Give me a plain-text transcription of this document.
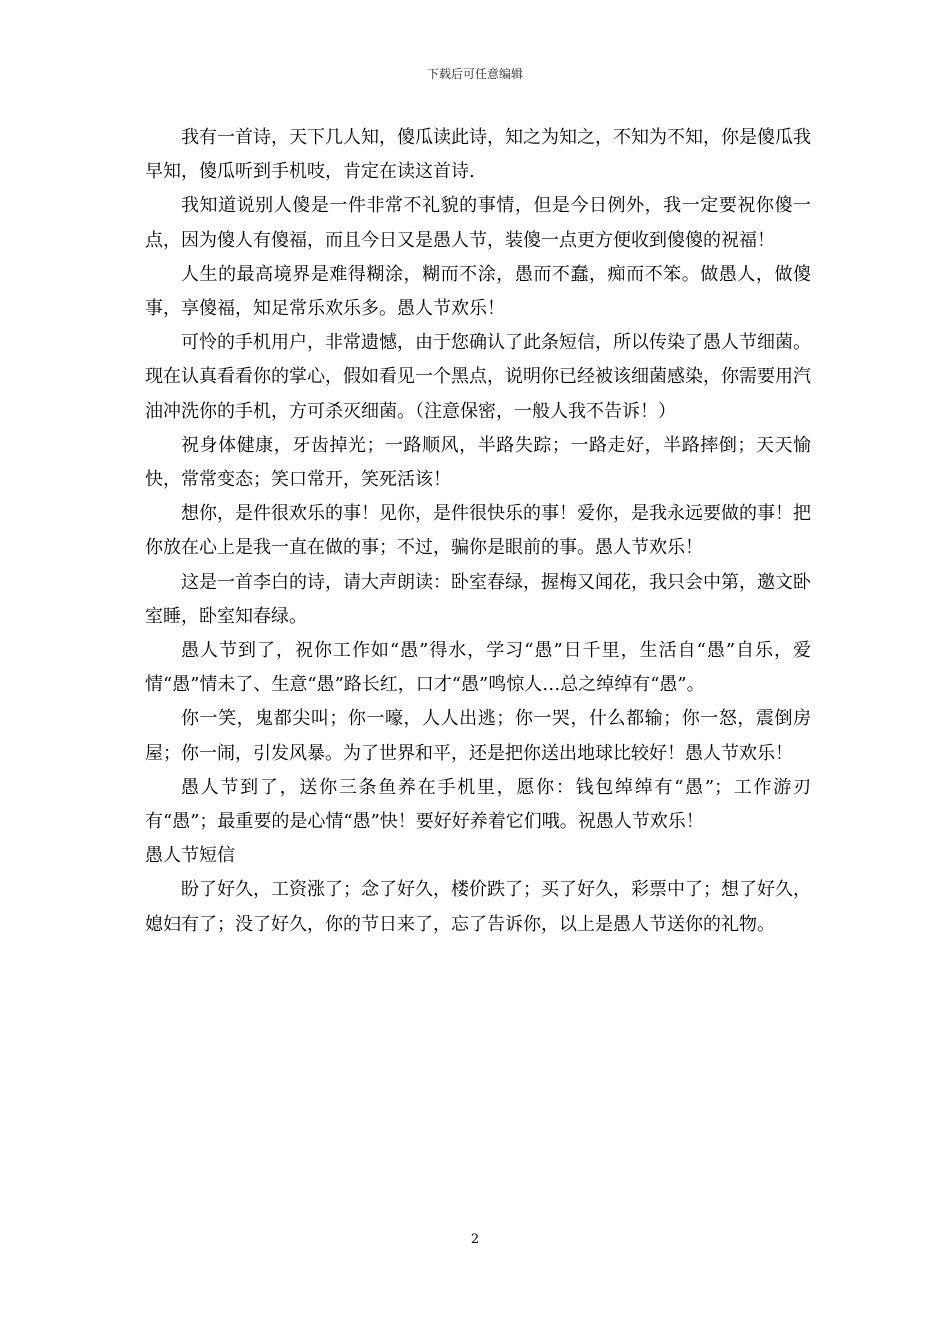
下载后可任意编辑

我有一首诗，天下几人知，傻瓜读此诗，知之为知之，不知为不知，你是傻瓜我早知，傻瓜听到手机吱，肯定在读这首诗.

我知道说别人傻是一件非常不礼貌的事情，但是今日例外，我一定要祝你傻一点，因为傻人有傻福，而且今日又是愚人节，装傻一点更方便收到傻傻的祝福！

人生的最高境界是难得糊涂，糊而不涂，愚而不蠢，痴而不笨。做愚人，做傻事，享傻福，知足常乐欢乐多。愚人节欢乐！

可怜的手机用户，非常遗憾，由于您确认了此条短信，所以传染了愚人节细菌。现在认真看看你的掌心，假如看见一个黑点，说明你已经被该细菌感染，你需要用汽油冲洗你的手机，方可杀灭细菌。（注意保密，一般人我不告诉！）

祝身体健康，牙齿掉光；一路顺风，半路失踪；一路走好，半路摔倒；天天愉快，常常变态；笑口常开，笑死活该！

想你，是件很欢乐的事！见你，是件很快乐的事！爱你，是我永远要做的事！把你放在心上是我一直在做的事；不过，骗你是眼前的事。愚人节欢乐！

这是一首李白的诗，请大声朗读：卧室春绿，握梅又闻花，我只会中第，邀文卧室睡，卧室知春绿。

愚人节到了，祝你工作如“愚”得水，学习“愚”日千里，生活自“愚”自乐，爱情“愚”情未了、生意“愚”路长红，口才“愚”鸣惊人…总之绰绰有“愚”。

你一笑，鬼都尖叫；你一嚎，人人出逃；你一哭，什么都输；你一怒，震倒房屋；你一闹，引发风暴。为了世界和平，还是把你送出地球比较好！愚人节欢乐！

愚人节到了，送你三条鱼养在手机里，愿你：钱包绰绰有“愚”；工作游刃有“愚”；最重要的是心情“愚”快！要好好养着它们哦。祝愚人节欢乐！

愚人节短信

盼了好久，工资涨了；念了好久，楼价跌了；买了好久，彩票中了；想了好久，媳妇有了；没了好久，你的节日来了，忘了告诉你，以上是愚人节送你的礼物。

2
